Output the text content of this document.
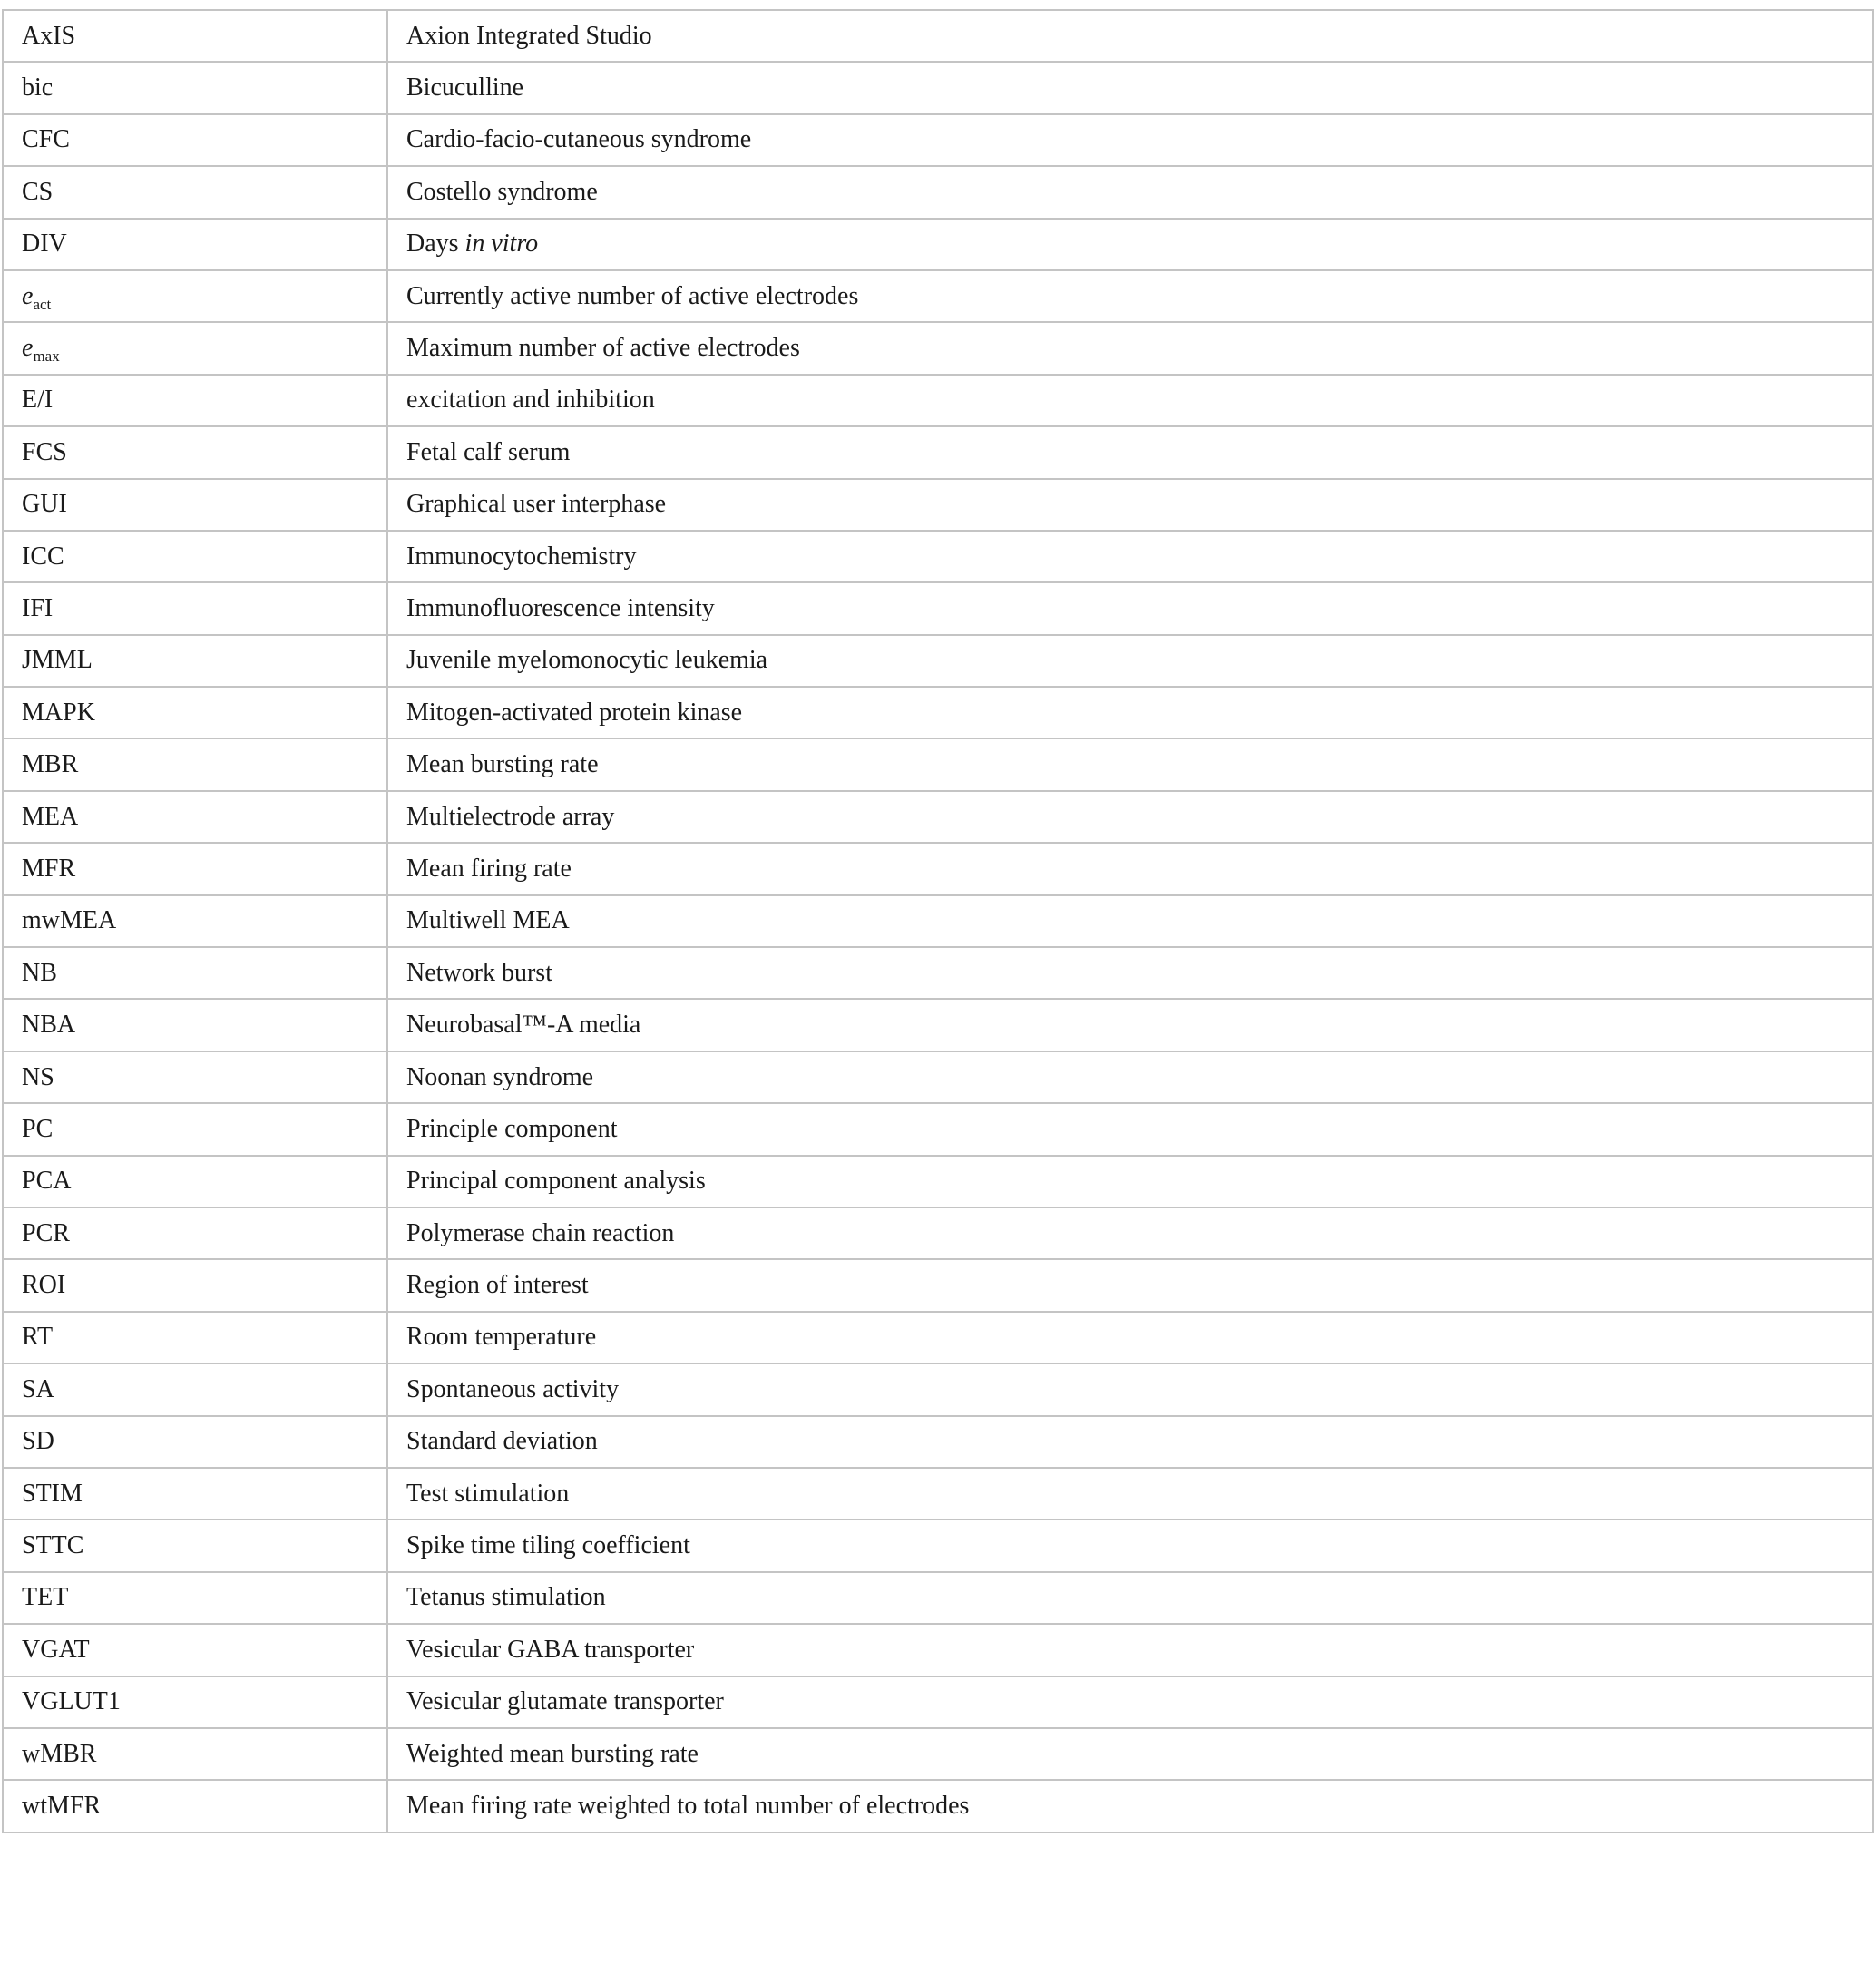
AxIS	Axion Integrated Studio
bic	Bicuculline
CFC	Cardio-facio-cutaneous syndrome
CS	Costello syndrome
DIV	Days in vitro
$e_{act}$	Currently active number of active electrodes
$e_{max}$	Maximum number of active electrodes
E/I	excitation and inhibition
FCS	Fetal calf serum
GUI	Graphical user interphase
ICC	Immunocytochemistry
IFI	Immunofluorescence intensity
JMML	Juvenile myelomonocytic leukemia
MAPK	Mitogen-activated protein kinase
MBR	Mean bursting rate
MEA	Multielectrode array
MFR	Mean firing rate
mwMEA	Multiwell MEA
NB	Network burst
NBA	Neurobasal™-A media
NS	Noonan syndrome
PC	Principle component
PCA	Principal component analysis
PCR	Polymerase chain reaction
ROI	Region of interest
RT	Room temperature
SA	Spontaneous activity
SD	Standard deviation
STIM	Test stimulation
STTC	Spike time tiling coefficient
TET	Tetanus stimulation
VGAT	Vesicular GABA transporter
VGLUT1	Vesicular glutamate transporter
wMBR	Weighted mean bursting rate
wtMFR	Mean firing rate weighted to total number of electrodes
